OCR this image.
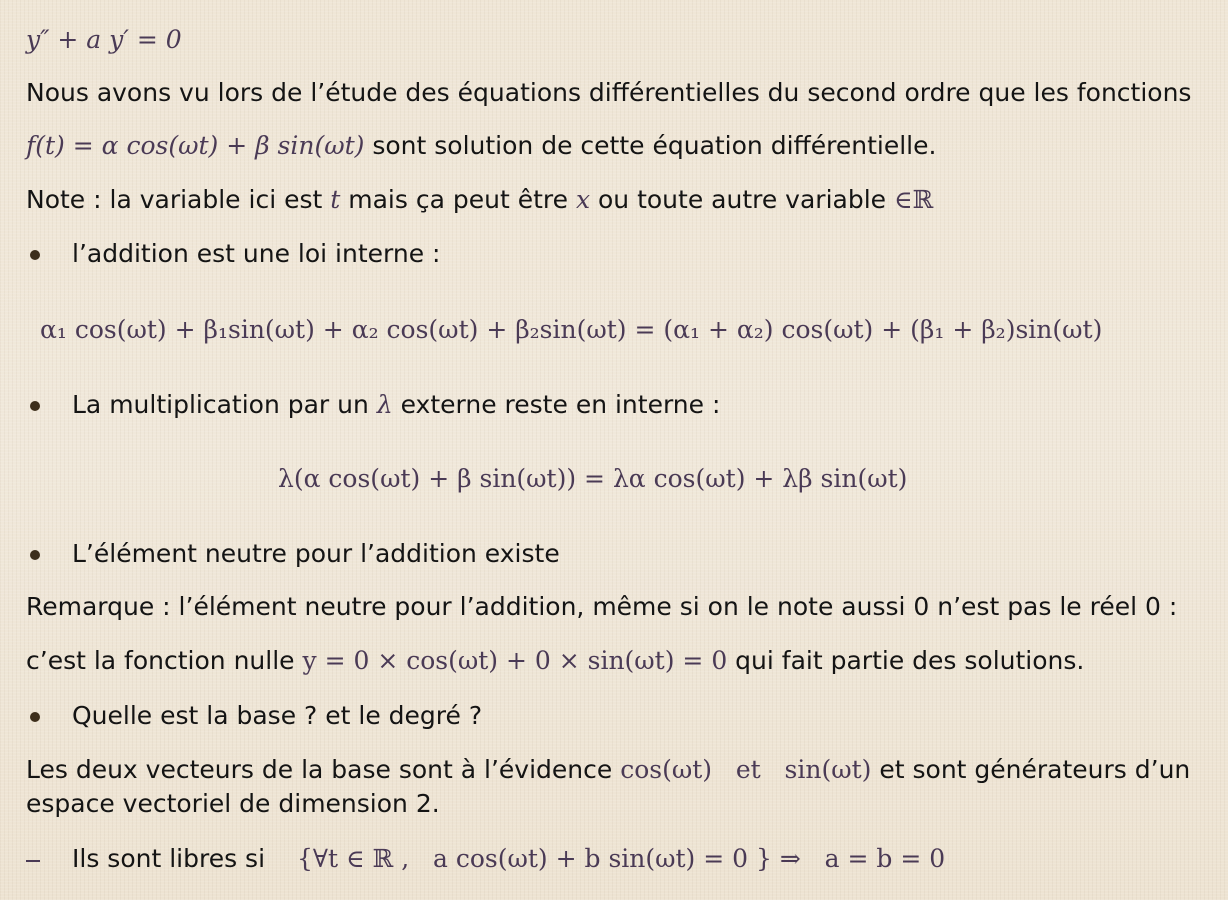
y″ + a y′ = 0
Nous avons vu lors de l’étude des équations différentielles du second ordre que les fonctions
f(t) = α cos(ωt) + β sin(ωt) sont solution de cette équation différentielle.
Note : la variable ici est t mais ça peut être x ou toute autre variable ∈ℝ
l’addition est une loi interne :
α₁ cos(ωt) + β₁sin(ωt) + α₂ cos(ωt) + β₂sin(ωt) = (α₁ + α₂) cos(ωt) + (β₁ + β₂)sin(ωt)
La multiplication par un λ externe reste en interne :
λ(α cos(ωt) + β sin(ωt)) = λα cos(ωt) + λβ sin(ωt)
L’élément neutre pour l’addition existe
Remarque : l’élément neutre pour l’addition, même si on le note aussi 0 n’est pas le réel 0 :
c’est la fonction nulle y = 0 × cos(ωt) + 0 × sin(ωt) = 0 qui fait partie des solutions.
Quelle est la base ? et le degré ?
Les deux vecteurs de la base sont à l’évidence cos(ωt)   et   sin(ωt) et sont générateurs d’un
espace vectoriel de dimension 2.
Ils sont libres si {∀t ∈ ℝ ,   a cos(ωt) + b sin(ωt) = 0 } ⇒   a = b = 0
